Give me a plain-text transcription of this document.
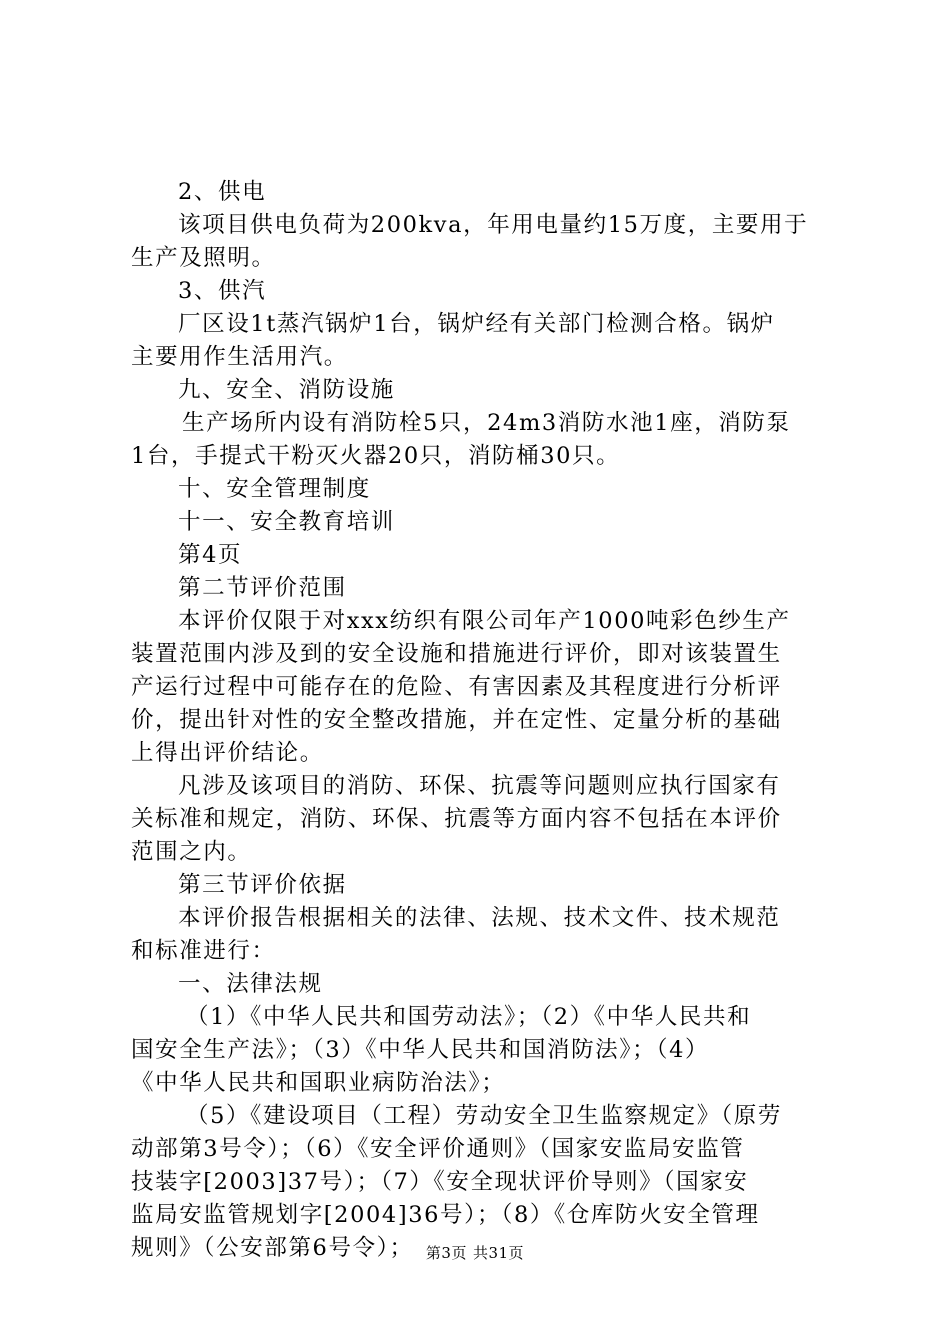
2、供电
该项目供电负荷为200kva，年用电量约15万度，主要用于
生产及照明。
3、供汽
厂区设1t蒸汽锅炉1台，锅炉经有关部门检测合格。锅炉
主要用作生活用汽。
九、安全、消防设施
生产场所内设有消防栓5只，24m3消防水池1座，消防泵
1台，手提式干粉灭火器20只，消防桶30只。
十、安全管理制度
十一、安全教育培训
第4页
第二节评价范围
本评价仅限于对xxx纺织有限公司年产1000吨彩色纱生产
装置范围内涉及到的安全设施和措施进行评价，即对该装置生
产运行过程中可能存在的危险、有害因素及其程度进行分析评
价，提出针对性的安全整改措施，并在定性、定量分析的基础
上得出评价结论。
凡涉及该项目的消防、环保、抗震等问题则应执行国家有
关标准和规定，消防、环保、抗震等方面内容不包括在本评价
范围之内。
第三节评价依据
本评价报告根据相关的法律、法规、技术文件、技术规范
和标准进行：
一、法律法规
（1）《中华人民共和国劳动法》；（2）《中华人民共和
国安全生产法》；（3）《中华人民共和国消防法》；（4）
《中华人民共和国职业病防治法》；
（5）《建设项目（工程）劳动安全卫生监察规定》（原劳
动部第3号令）；（6）《安全评价通则》（国家安监局安监管
技装字[2003]37号）；（7）《安全现状评价导则》（国家安
监局安监管规划字[2004]36号）；（8）《仓库防火安全管理
规则》（公安部第6号令）； 第3页 共31页
